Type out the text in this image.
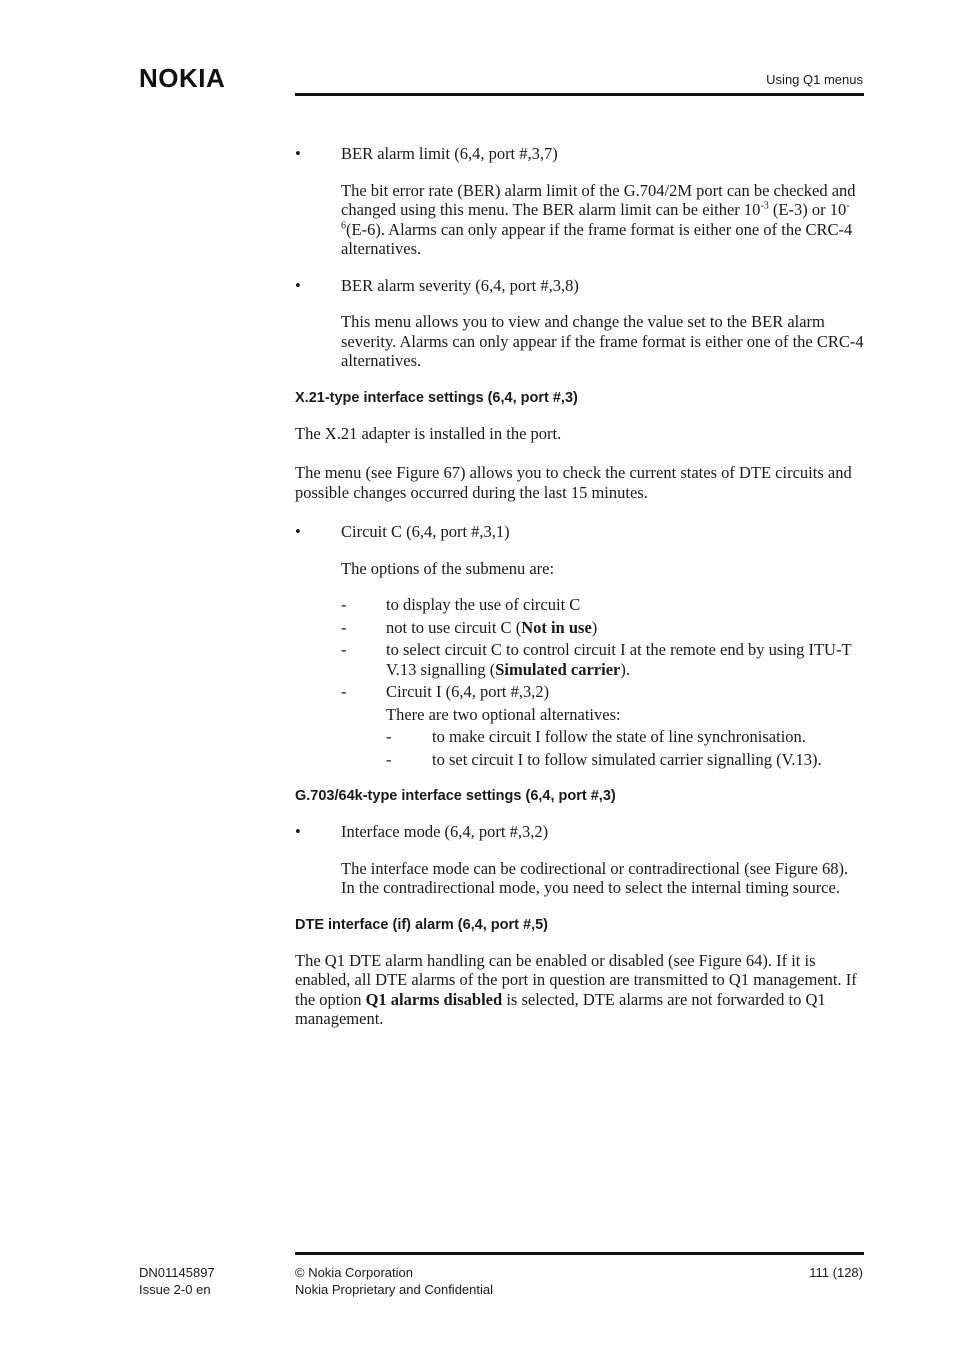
NOKIA	Using Q1 menus

• BER alarm limit (6,4, port #,3,7)

The bit error rate (BER) alarm limit of the G.704/2M port can be checked and changed using this menu. The BER alarm limit can be either $10^{-3}$ (E-3) or $10^{-6}(E-6)$. Alarms can only appear if the frame format is either one of the CRC-4 alternatives.

• BER alarm severity (6,4, port #,3,8)

This menu allows you to view and change the value set to the BER alarm severity. Alarms can only appear if the frame format is either one of the CRC-4 alternatives.

X.21-type interface settings (6,4, port #,3)

The X.21 adapter is installed in the port.

The menu (see Figure 67) allows you to check the current states of DTE circuits and possible changes occurred during the last 15 minutes.

• Circuit C (6,4, port #,3,1)

The options of the submenu are:

- to display the use of circuit C

- not to use circuit C (Not in use)

- to select circuit C to control circuit I at the remote end by using ITU-T V.13 signalling (Simulated carrier).

- Circuit I (6,4, port #,3,2)

There are two optional alternatives:

- to make circuit I follow the state of line synchronisation.

- to set circuit I to follow simulated carrier signalling (V.13).

G.703/64k-type interface settings (6,4, port #,3)

• Interface mode (6,4, port #,3,2)

The interface mode can be codirectional or contradirectional (see Figure 68). In the contradirectional mode, you need to select the internal timing source.

DTE interface (if) alarm (6,4, port #,5)

The Q1 DTE alarm handling can be enabled or disabled (see Figure 64). If it is enabled, all DTE alarms of the port in question are transmitted to Q1 management. If the option Q1 alarms disabled is selected, DTE alarms are not forwarded to Q1 management.

DN01145897
Issue 2-0 en
© Nokia Corporation
Nokia Proprietary and Confidential
111 (128)
